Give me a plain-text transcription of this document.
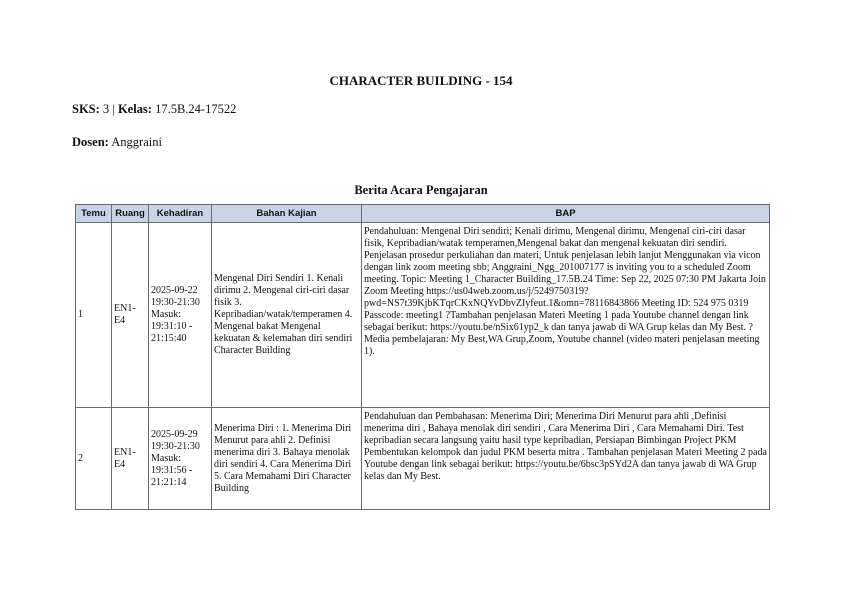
CHARACTER BUILDING - 154
SKS: 3 | Kelas: 17.5B.24-17522
Dosen: Anggraini
Berita Acara Pengajaran
Temu	Ruang	Kehadiran	Bahan Kajian	BAP
1	EN1-E4	2025-09-22 19:30-21:30 Masuk: 19:31:10 - 21:15:40	Mengenal Diri Sendiri 1. Kenali dirimu 2. Mengenal ciri-ciri dasar fisik 3. Kepribadian/watak/temperamen 4. Mengenal bakat Mengenal kekuatan & kelemahan diri sendiri Character Building	Pendahuluan: Mengenal Diri sendiri; Kenali dirimu, Mengenal dirimu, Mengenal ciri-ciri dasar fisik, Kepribadian/watak temperamen,Mengenal bakat dan mengenal kekuatan diri sendiri. Penjelasan prosedur perkuliahan dan materi, Untuk penjelasan lebih lanjut Menggunakan via vicon dengan link zoom meeting sbb; Anggraini_Ngg_201007177 is inviting you to a scheduled Zoom meeting. Topic: Meeting 1_Character Building_17.5B.24 Time: Sep 22, 2025 07:30 PM Jakarta Join Zoom Meeting https://us04web.zoom.us/j/5249750319?pwd=NS7t39KjbKTqrCKxNQYvDbvZIyfeut.1&omn=78116843866 Meeting ID: 524 975 0319 Passcode: meeting1 ?Tambahan penjelasan Materi Meeting 1 pada Youtube channel dengan link sebagai berikut: https://youtu.be/nSix61yp2_k dan tanya jawab di WA Grup kelas dan My Best. ?Media pembelajaran: My Best,WA Grup,Zoom, Youtube channel (video materi penjelasan meeting 1).
2	EN1-E4	2025-09-29 19:30-21:30 Masuk: 19:31:56 - 21:21:14	Menerima Diri : 1. Menerima Diri Menurut para ahli 2. Definisi menerima diri 3. Bahaya menolak diri sendiri 4. Cara Menerima Diri 5. Cara Memahami Diri Character Building	Pendahuluan dan Pembahasan: Menerima Diri; Menerima Diri Menurut para ahli ,Definisi menerima diri , Bahaya menolak diri sendiri , Cara Menerima Diri , Cara Memahami Diri. Test kepribadian secara langsung yaitu hasil type kepribadian, Persiapan Bimbingan Project PKM Pembentukan kelompok dan judul PKM beserta mitra . Tambahan penjelasan Materi Meeting 2 pada Youtube dengan link sebagai berikut: https://youtu.be/6bsc3pSYd2A dan tanya jawab di WA Grup kelas dan My Best.
